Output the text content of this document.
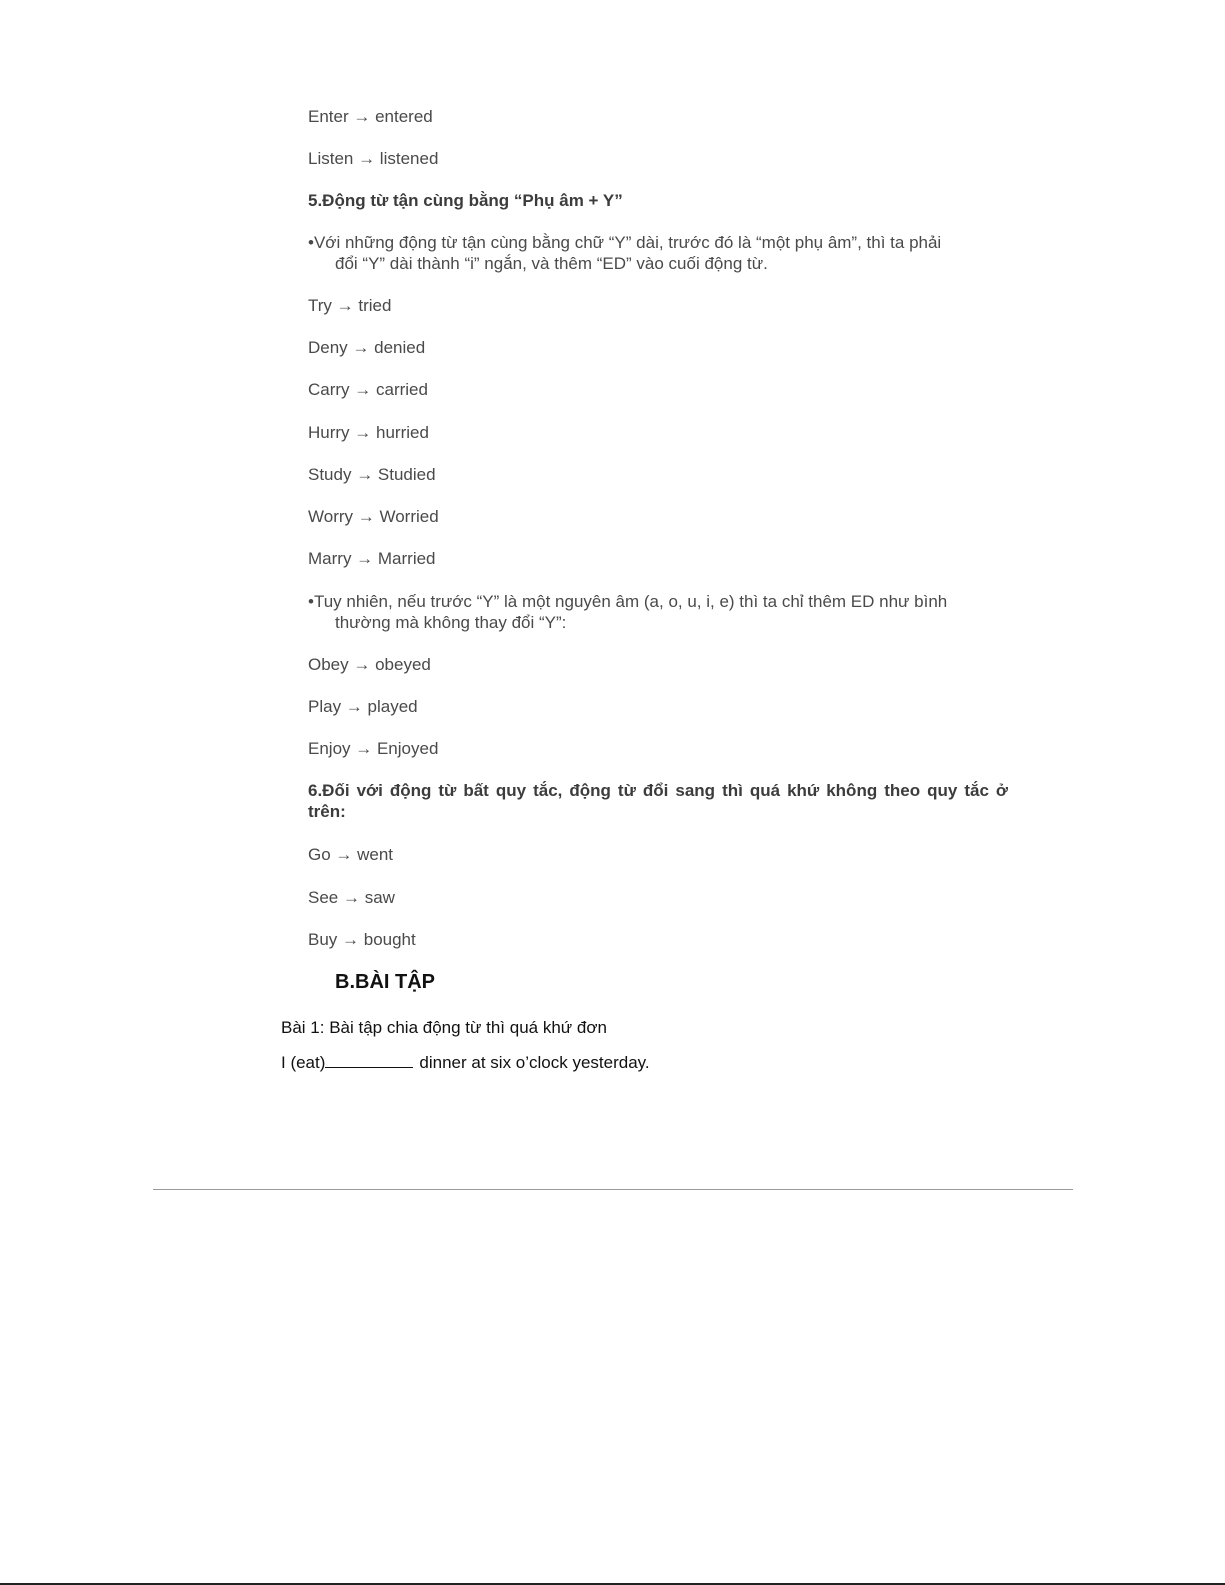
Enter → entered
Listen → listened
5.Động từ tận cùng bằng “Phụ âm + Y”
•Với những động từ tận cùng bằng chữ “Y” dài, trước đó là “một phụ âm”, thì ta phải
đổi “Y” dài thành “i” ngắn, và thêm “ED” vào cuối động từ.
Try → tried
Deny → denied
Carry → carried
Hurry → hurried
Study → Studied
Worry → Worried
Marry → Married
•Tuy nhiên, nếu trước “Y” là một nguyên âm (a, o, u, i, e) thì ta chỉ thêm ED như bình
thường mà không thay đổi “Y”:
Obey → obeyed
Play → played
Enjoy → Enjoyed
6.Đối với động từ bất quy tắc, động từ đổi sang thì quá khứ không theo quy tắc ở trên:
Go → went
See → saw
Buy → bought
B.BÀI TẬP
Bài 1: Bài tập chia động từ thì quá khứ đơn
I (eat)	dinner at six o’clock yesterday.
